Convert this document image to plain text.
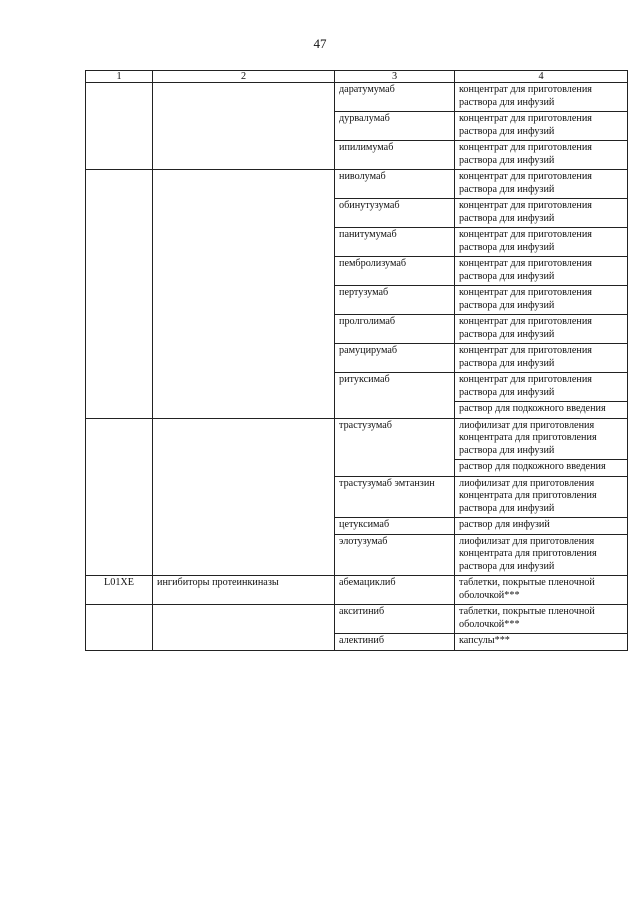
47
1	2	3	4
		даратумумаб	концентрат для приготовления раствора для инфузий
		дурвалумаб	концентрат для приготовления раствора для инфузий
		ипилимумаб	концентрат для приготовления раствора для инфузий
		ниволумаб	концентрат для приготовления раствора для инфузий
		обинутузумаб	концентрат для приготовления раствора для инфузий
		панитумумаб	концентрат для приготовления раствора для инфузий
		пембролизумаб	концентрат для приготовления раствора для инфузий
		пертузумаб	концентрат для приготовления раствора для инфузий
		пролголимаб	концентрат для приготовления раствора для инфузий
		рамуцирумаб	концентрат для приготовления раствора для инфузий
		ритуксимаб	концентрат для приготовления раствора для инфузий
			раствор для подкожного введения
		трастузумаб	лиофилизат для приготовления концентрата для приготовления раствора для инфузий
			раствор для подкожного введения
		трастузумаб эмтанзин	лиофилизат для приготовления концентрата для приготовления раствора для инфузий
		цетуксимаб	раствор для инфузий
		элотузумаб	лиофилизат для приготовления концентрата для приготовления раствора для инфузий
L01XE	ингибиторы протеинкиназы	абемациклиб	таблетки, покрытые пленочной оболочкой***
		акситиниб	таблетки, покрытые пленочной оболочкой***
		алектиниб	капсулы***
